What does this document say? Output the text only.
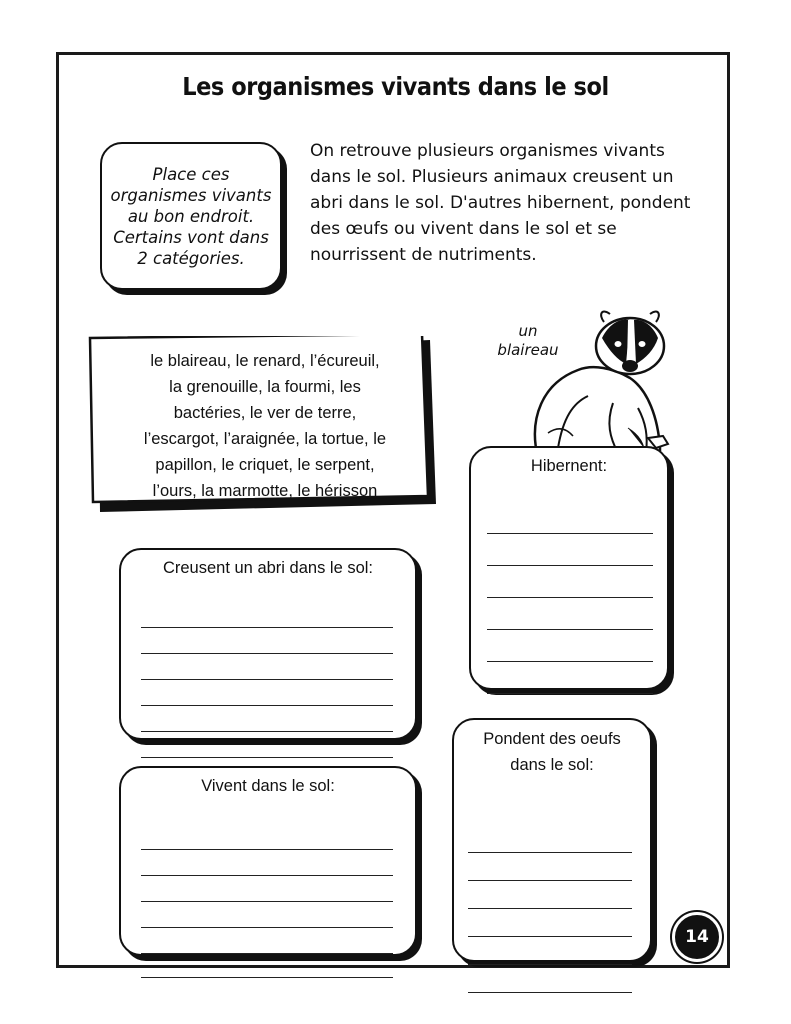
Les organismes vivants dans le sol
Place ces organismes vivants au bon endroit. Certains vont dans 2 catégories.
On retrouve plusieurs organismes vivants dans le sol. Plusieurs animaux creusent un abri dans le sol. D'autres hibernent, pondent des œufs ou vivent dans le sol et se nourrissent de nutriments.
le blaireau, le renard, l’écureuil,
la grenouille, la fourmi, les
bactéries, le ver de terre,
l’escargot, l’araignée, la tortue, le
papillon, le criquet, le serpent,
l’ours, la marmotte, le hérisson
un
blaireau
Hibernent:
Creusent un abri dans le sol:
Pondent des oeufs
dans le sol:
Vivent dans le sol:
14
